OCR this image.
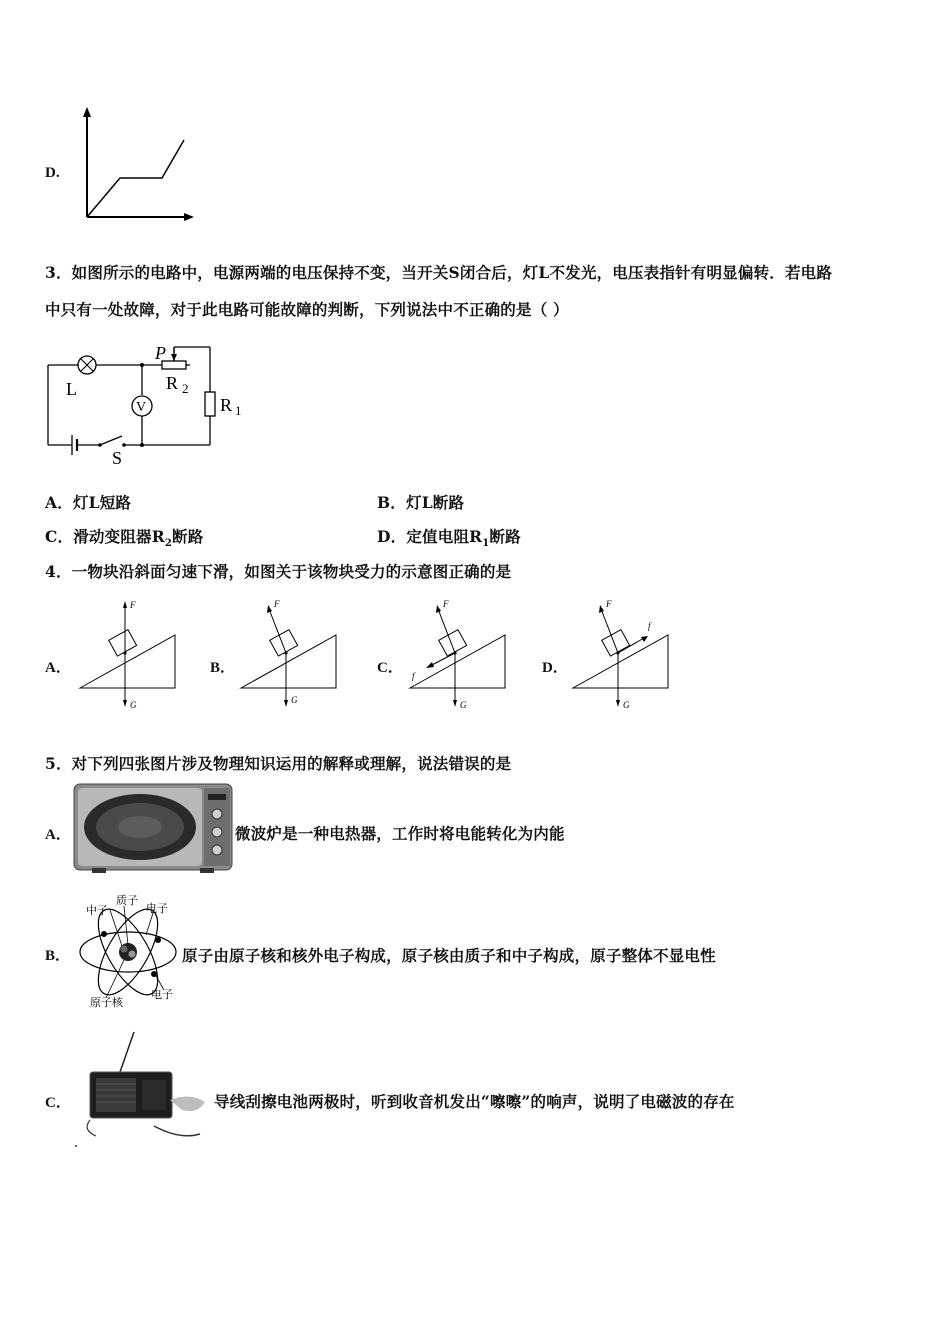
D.
3．如图所示的电路中，电源两端的电压保持不变，当开关S闭合后，灯L不发光，电压表指针有明显偏转．若电路
中只有一处故障，对于此电路可能故障的判断，下列说法中不正确的是（ ）
L
P
R 2
R 1
V
S
A．灯L短路	B．灯L断路
C．滑动变阻器$R_2$断路	D．定值电阻$R_1$断路
4．一物块沿斜面匀速下滑，如图关于该物块受力的示意图正确的是
A．
F
G
B．
F
G
C．
F
f
G
D．
F
f
G
5．对下列四张图片涉及物理知识运用的解释或理解，说法错误的是
A．	微波炉是一种电热器，工作时将电能转化为内能
B．
中子
质子
电子
原子核
电子
原子由原子核和核外电子构成，原子核由质子和中子构成，原子整体不显电性
C．	导线刮擦电池两极时，听到收音机发出“嚓嚓”的响声，说明了电磁波的存在
